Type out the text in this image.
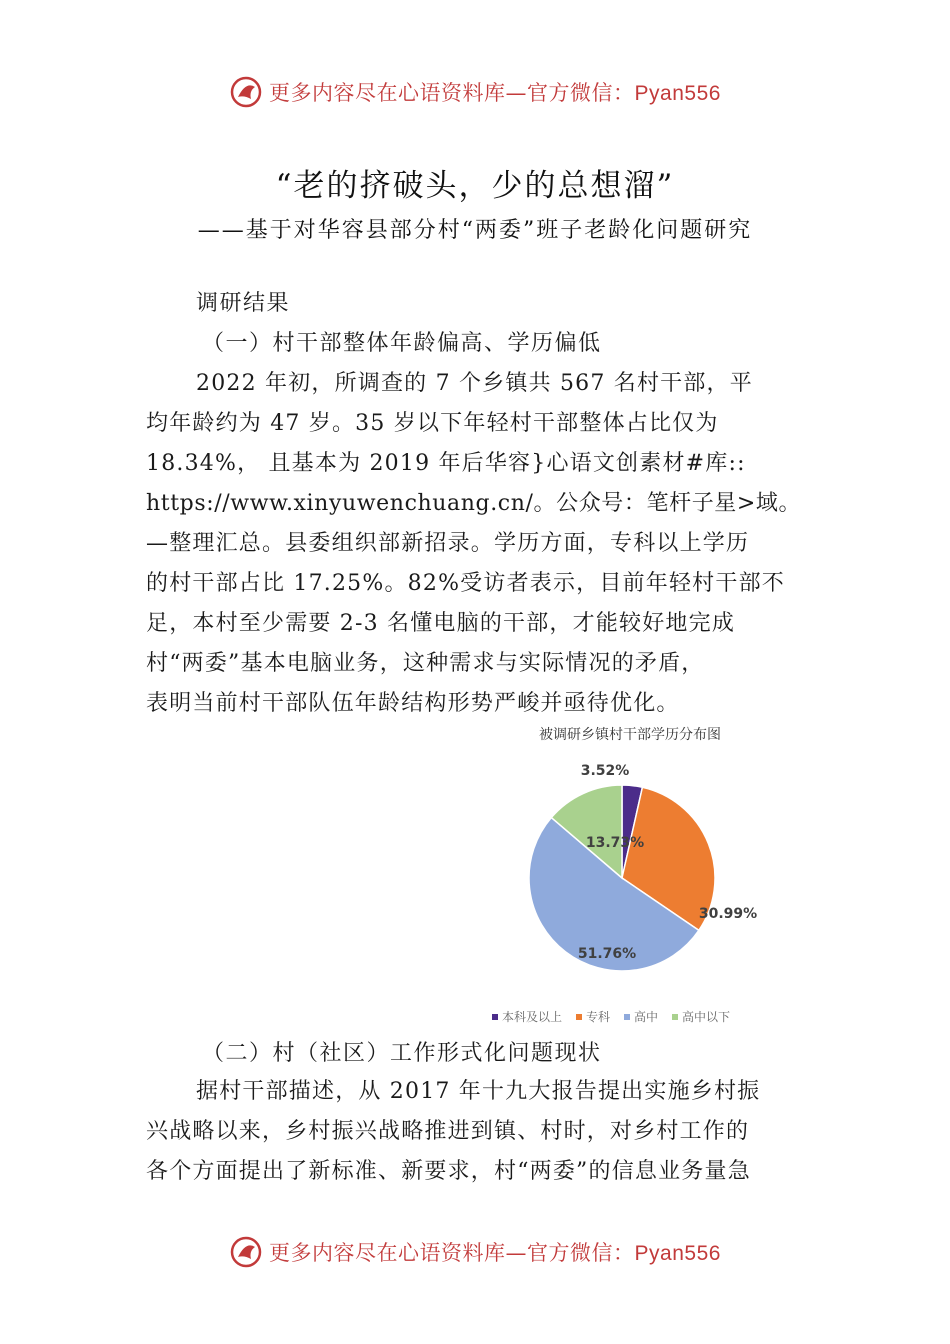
更多内容尽在心语资料库—官方微信：Pyan556
“老的挤破头，少的总想溜”
——基于对华容县部分村“两委”班子老龄化问题研究
调研结果
（一）村干部整体年龄偏高、学历偏低
2022 年初，所调查的 7 个乡镇共 567 名村干部，平
均年龄约为 47 岁。35 岁以下年轻村干部整体占比仅为
18.34%， 且基本为 2019 年后华容}心语文创素材#库::
https://www.xinyuwenchuang.cn/。公众号：笔杆子星>域。
—整理汇总。县委组织部新招录。学历方面，专科以上学历
的村干部占比 17.25%。82%受访者表示，目前年轻村干部不
足，本村至少需要 2-3 名懂电脑的干部，才能较好地完成
村“两委”基本电脑业务，这种需求与实际情况的矛盾，
表明当前村干部队伍年龄结构形势严峻并亟待优化。
被调研乡镇村干部学历分布图
3.52%
30.99%
51.76%
13.73%
本科及以上 专科 高中 高中以下
（二）村（社区）工作形式化问题现状
据村干部描述，从 2017 年十九大报告提出实施乡村振
兴战略以来，乡村振兴战略推进到镇、村时，对乡村工作的
各个方面提出了新标准、新要求，村“两委”的信息业务量急
更多内容尽在心语资料库—官方微信：Pyan556
